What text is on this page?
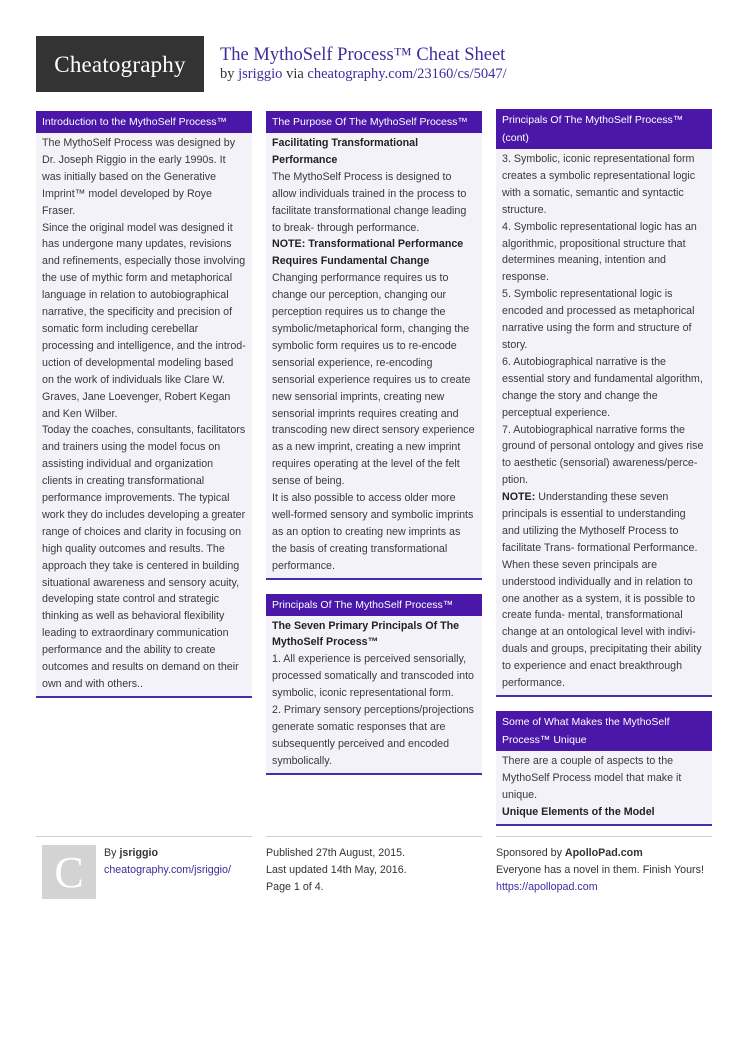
Cheatography	The MythoSelf Process™ Cheat Sheet
by jsriggio via cheatography.com/23160/cs/5047/
Introduction to the MythoSelf Process™

The MythoSelf Process was designed by Dr. Joseph Riggio in the early 1990s. It was initially based on the Generative Imprint™ model developed by Roye Fraser.

Since the original model was designed it has undergone many updates, revisions and refinements, especially those involving the use of mythic form and metaphorical language in relation to autobiographical narrative, the specificity and precision of somatic form including cerebellar processing and intelligence, and the introduction of developmental modeling based on the work of individuals like Clare W. Graves, Jane Loevenger, Robert Kegan and Ken Wilber.

Today the coaches, consultants, facilitators and trainers using the model focus on assisting individual and organization clients in creating transformational performance improvements. The typical work they do includes developing a greater range of choices and clarity in focusing on high quality outcomes and results. The approach they take is centered in building situational awareness and sensory acuity, developing state control and strategic thinking as well as behavioral flexibility leading to extraordinary communication performance and the ability to create outcomes and results on demand on their own and with others..

The Purpose Of The MythoSelf Process™

Facilitating Transformational Performance

The MythoSelf Process is designed to allow individuals trained in the process to facilitate transformational change leading to break- through performance.

NOTE: Transformational Performance Requires Fundamental Change

Changing performance requires us to change our perception, changing our perception requires us to change the symbolic/metaphorical form, changing the symbolic form requires us to re-encode sensorial experience, re-encoding sensorial experience requires us to create new sensorial imprints, creating new sensorial imprints requires creating and transcoding new direct sensory experience as a new imprint, creating a new imprint requires operating at the level of the felt sense of being.

It is also possible to access older more well-formed sensory and symbolic imprints as an option to creating new imprints as the basis of creating transformational performance.

Principals Of The MythoSelf Process™

The Seven Primary Principals Of The MythoSelf Process™

1. All experience is perceived sensorially, processed somatically and transcoded into symbolic, iconic representational form.

2. Primary sensory perceptions/projections generate somatic responses that are subsequently perceived and encoded symbolically.

Principals Of The MythoSelf Process™ (cont)

3. Symbolic, iconic representational form creates a symbolic representational logic with a somatic, semantic and syntactic structure.

4. Symbolic representational logic has an algorithmic, propositional structure that determines meaning, intention and response.

5. Symbolic representational logic is encoded and processed as metaphorical narrative using the form and structure of story.

6. Autobiographical narrative is the essential story and fundamental algorithm, change the story and change the perceptual experience.

7. Autobiographical narrative forms the ground of personal ontology and gives rise to aesthetic (sensorial) awareness/perception.

NOTE: Understanding these seven principals is essential to understanding and utilizing the Mythoself Process to facilitate Trans- formational Performance.

When these seven principals are understood individually and in relation to one another as a system, it is possible to create funda- mental, transformational change at an ontological level with individuals and groups, precipitating their ability to experience and enact breakthrough performance.

Some of What Makes the MythoSelf Process™ Unique

There are a couple of aspects to the MythoSelf Process model that make it unique.

Unique Elements of the Model

C	By jsriggio
cheatography.com/jsriggio/
Published 27th August, 2015.
Last updated 14th May, 2016.
Page 1 of 4.
Sponsored by ApolloPad.com
Everyone has a novel in them. Finish Yours!
https://apollopad.com
